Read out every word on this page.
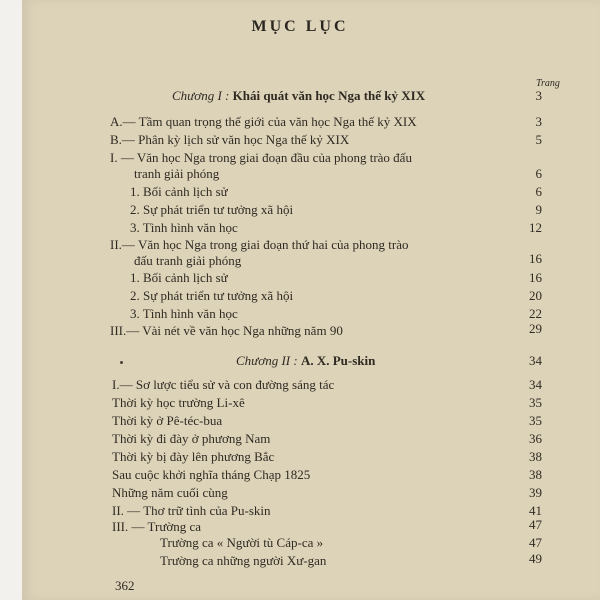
MỤC LỤC
Trang
Chương I : Khái quát văn học Nga thế kỷ XIX	3
A.— Tầm quan trọng thế giới của văn học Nga thế kỷ XIX	3
B.— Phân kỳ lịch sử văn học Nga thế kỷ XIX	5
I. — Văn học Nga trong giai đoạn đầu của phong trào đấu
tranh giải phóng	6
1. Bối cảnh lịch sử	6
2. Sự phát triển tư tưởng xã hội	9
3. Tình hình văn học	12
II.— Văn học Nga trong giai đoạn thứ hai của phong trào
đấu tranh giải phóng	16
1. Bối cảnh lịch sử	16
2. Sự phát triển tư tưởng xã hội	20
3. Tình hình văn học	22
III.— Vài nét về văn học Nga những năm 90	29
Chương II : A. X. Pu-skin	34
I.— Sơ lược tiểu sử và con đường sáng tác	34
Thời kỳ học trường Li-xê	35
Thời kỳ ở Pê-téc-bua	35
Thời kỳ đi đày ở phương Nam	36
Thời kỳ bị đày lên phương Bắc	38
Sau cuộc khởi nghĩa tháng Chạp 1825	38
Những năm cuối cùng	39
II. — Thơ trữ tình của Pu-skin	41
III. — Trường ca	47
Trường ca « Người tù Cáp-ca »	47
Trường ca những người Xư-gan	49
362
